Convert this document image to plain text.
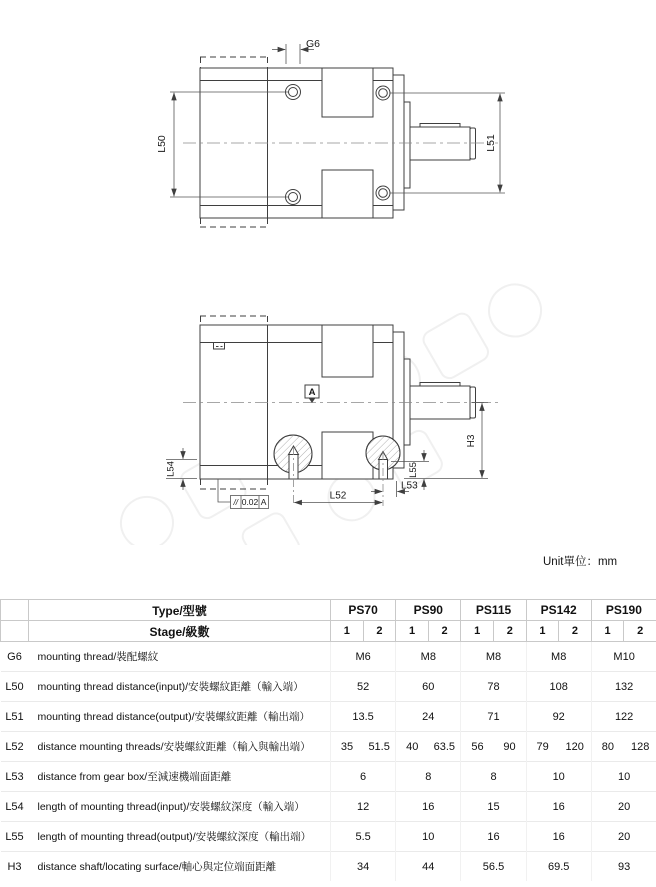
G6
L50	L51
A
L54
// 0.02 A
L52
L53
L55
H3
Unit單位：mm
	Type/型號	PS70		PS90		PS115		PS142		PS190	
	Stage/級數	1	2	1	2	1	2	1	2	1	2
G6	mounting thread/裝配螺紋	M6		M8		M8		M8		M10	
L50	mounting thread distance(input)/安裝螺紋距離（輸入端）	52		60		78		108		132	
L51	mounting thread distance(output)/安裝螺紋距離（輸出端）	13.5		24		71		92		122	
L52	distance mounting threads/安裝螺紋距離（輸入與輸出端）	35	51.5	40	63.5	56	90	79	120	80	128
L53	distance from gear box/至減速機端面距離	6		8		8		10		10	
L54	length of mounting thread(input)/安裝螺紋深度（輸入端）	12		16		15		16		20	
L55	length of mounting thread(output)/安裝螺紋深度（輸出端）	5.5		10		16		16		20	
H3	distance shaft/locating surface/軸心與定位端面距離	34		44		56.5		69.5		93	
